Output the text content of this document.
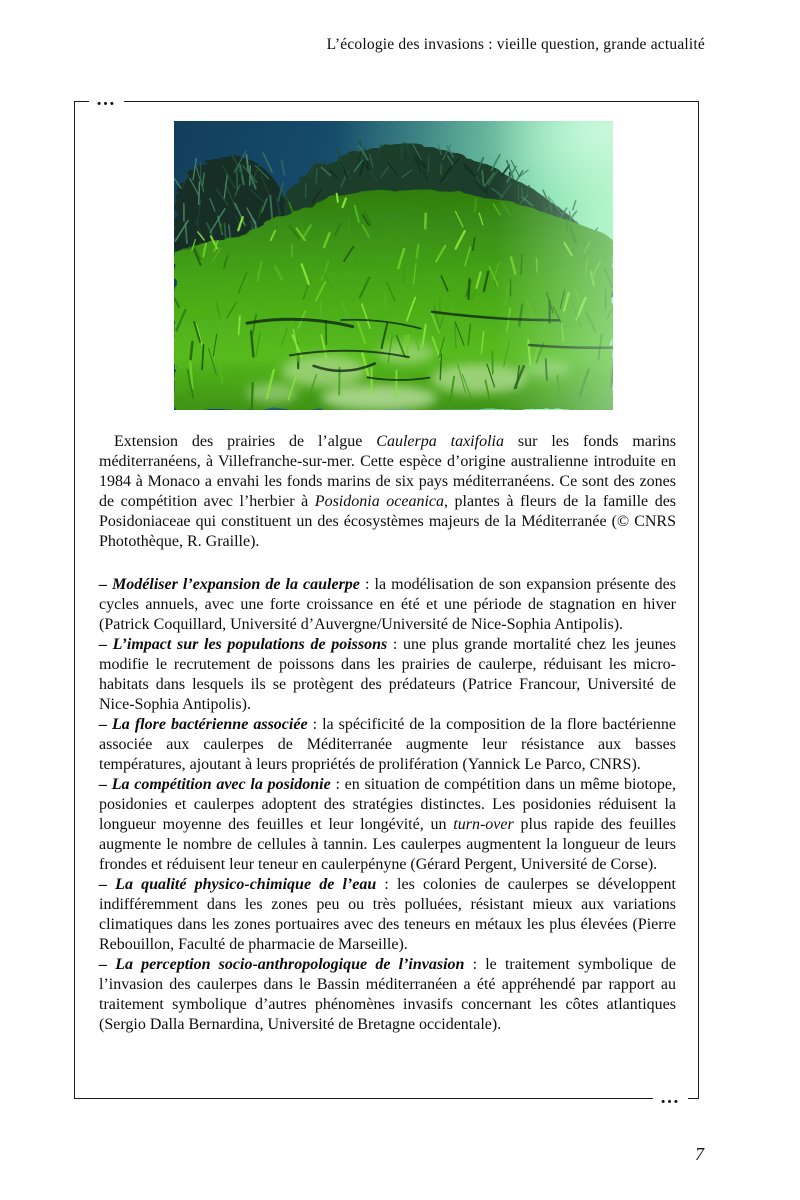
L’écologie des invasions : vieille question, grande actualité
…
…

Extension des prairies de l’algue Caulerpa taxifolia sur les fonds marins méditerranéens, à Villefranche-sur-mer. Cette espèce d’origine australienne introduite en 1984 à Monaco a envahi les fonds marins de six pays méditerranéens. Ce sont des zones de compétition avec l’herbier à Posidonia oceanica, plantes à fleurs de la famille des Posidoniaceae qui constituent un des écosystèmes majeurs de la Méditerranée (© CNRS Photothèque, R. Graille).

– Modéliser l’expansion de la caulerpe : la modélisation de son expansion présente des cycles annuels, avec une forte croissance en été et une période de stagnation en hiver (Patrick Coquillard, Université d’Auvergne/Université de Nice-Sophia Antipolis).

– L’impact sur les populations de poissons : une plus grande mortalité chez les jeunes modifie le recrutement de poissons dans les prairies de caulerpe, réduisant les micro-habitats dans lesquels ils se protègent des prédateurs (Patrice Francour, Université de Nice-Sophia Antipolis).

– La flore bactérienne associée : la spécificité de la composition de la flore bactérienne associée aux caulerpes de Méditerranée augmente leur résistance aux basses températures, ajoutant à leurs propriétés de prolifération (Yannick Le Parco, CNRS).

– La compétition avec la posidonie : en situation de compétition dans un même biotope, posidonies et caulerpes adoptent des stratégies distinctes. Les posidonies réduisent la longueur moyenne des feuilles et leur longévité, un turn-over plus rapide des feuilles augmente le nombre de cellules à tannin. Les caulerpes augmentent la longueur de leurs frondes et réduisent leur teneur en caulerpényne (Gérard Pergent, Université de Corse).

– La qualité physico-chimique de l’eau : les colonies de caulerpes se développent indifféremment dans les zones peu ou très polluées, résistant mieux aux variations climatiques dans les zones portuaires avec des teneurs en métaux les plus élevées (Pierre Rebouillon, Faculté de pharmacie de Marseille).

– La perception socio-anthropologique de l’invasion : le traitement symbolique de l’invasion des caulerpes dans le Bassin méditerranéen a été appréhendé par rapport au traitement symbolique d’autres phénomènes invasifs concernant les côtes atlantiques (Sergio Dalla Bernardina, Université de Bretagne occidentale).

7
